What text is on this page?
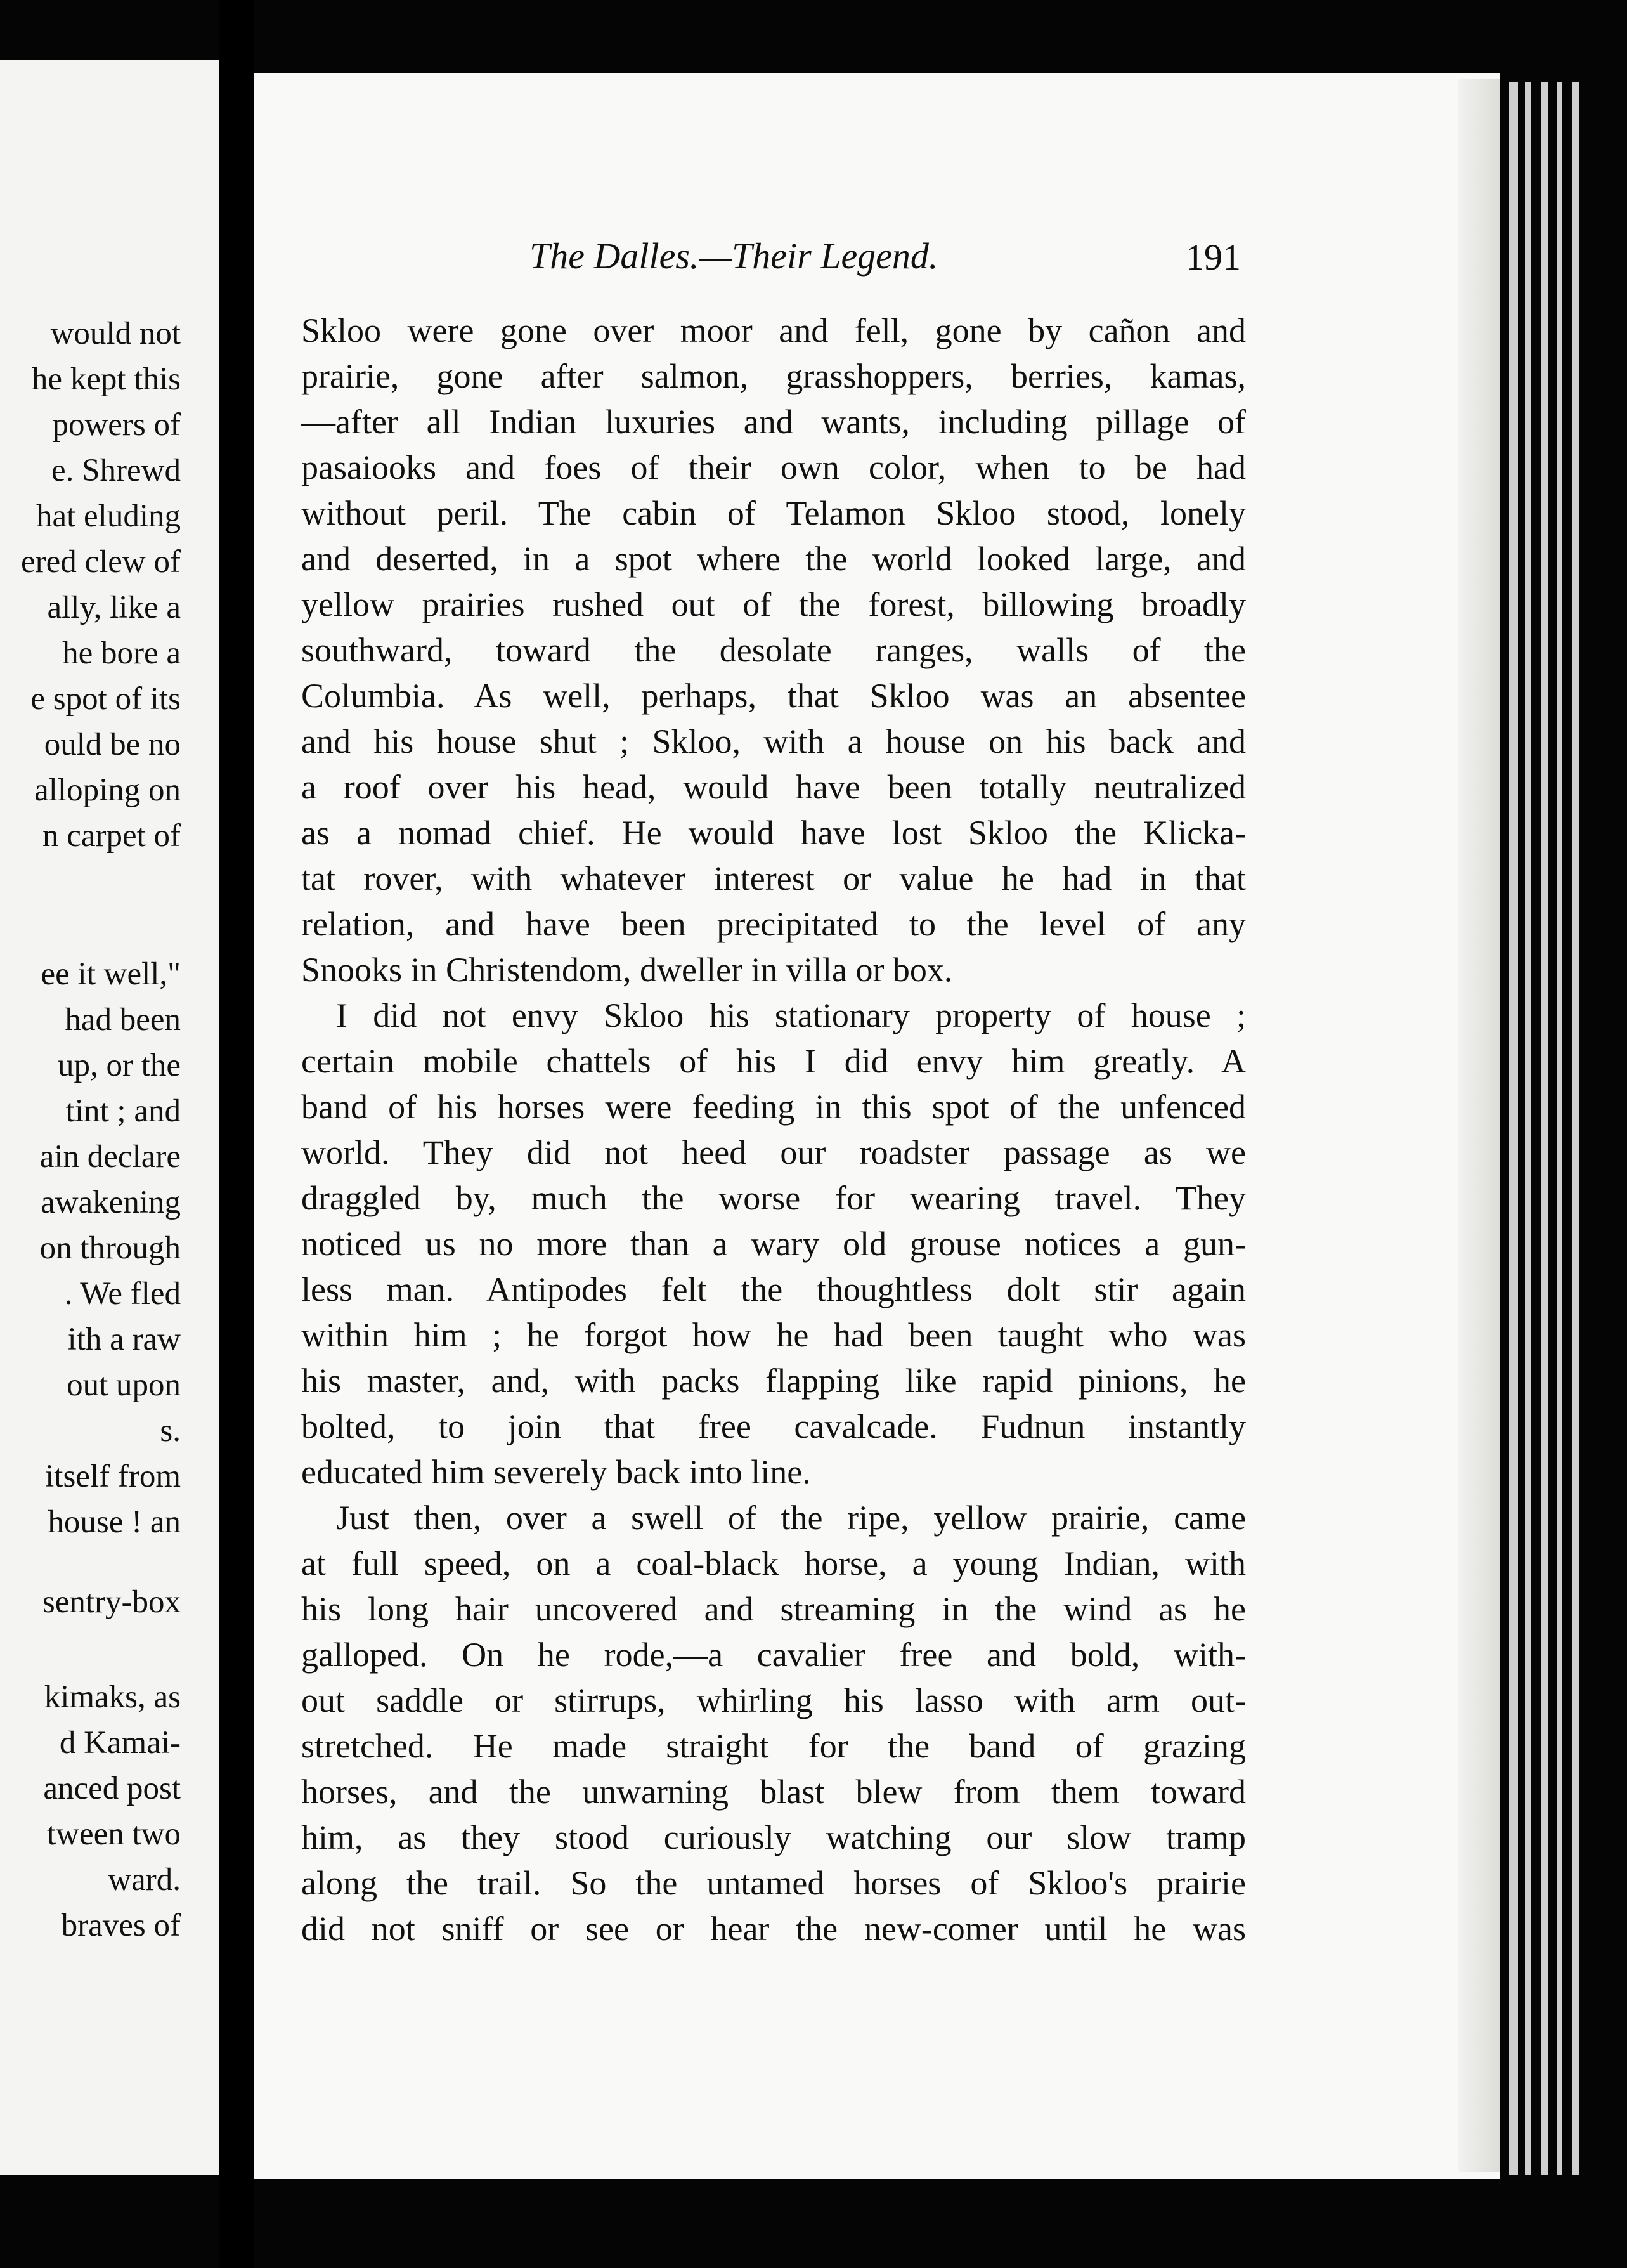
would not
he kept this
powers of
e. Shrewd
hat eluding
ered clew of
ally, like a
he bore a
e spot of its
ould be no
alloping on
n carpet of
ee it well,"
had been
up, or the
tint ; and
ain declare
awakening
on through
. We fled
ith a raw
out upon
s.
itself from
house ! an
sentry-box
kimaks, as
d Kamai-
anced post
tween two
ward.
braves of
The Dalles.—Their Legend.	191
Skloo were gone over moor and fell, gone by cañon and
prairie, gone after salmon, grasshoppers, berries, kamas,
—after all Indian luxuries and wants, including pillage of
pasaiooks and foes of their own color, when to be had
without peril. The cabin of Telamon Skloo stood, lonely
and deserted, in a spot where the world looked large, and
yellow prairies rushed out of the forest, billowing broadly
southward, toward the desolate ranges, walls of the
Columbia. As well, perhaps, that Skloo was an absentee
and his house shut ; Skloo, with a house on his back and
a roof over his head, would have been totally neutralized
as a nomad chief. He would have lost Skloo the Klicka-
tat rover, with whatever interest or value he had in that
relation, and have been precipitated to the level of any
Snooks in Christendom, dweller in villa or box.
I did not envy Skloo his stationary property of house ;
certain mobile chattels of his I did envy him greatly. A
band of his horses were feeding in this spot of the unfenced
world. They did not heed our roadster passage as we
draggled by, much the worse for wearing travel. They
noticed us no more than a wary old grouse notices a gun-
less man. Antipodes felt the thoughtless dolt stir again
within him ; he forgot how he had been taught who was
his master, and, with packs flapping like rapid pinions, he
bolted, to join that free cavalcade. Fudnun instantly
educated him severely back into line.
Just then, over a swell of the ripe, yellow prairie, came
at full speed, on a coal-black horse, a young Indian, with
his long hair uncovered and streaming in the wind as he
galloped. On he rode,—a cavalier free and bold, with-
out saddle or stirrups, whirling his lasso with arm out-
stretched. He made straight for the band of grazing
horses, and the unwarning blast blew from them toward
him, as they stood curiously watching our slow tramp
along the trail. So the untamed horses of Skloo's prairie
did not sniff or see or hear the new-comer until he was
